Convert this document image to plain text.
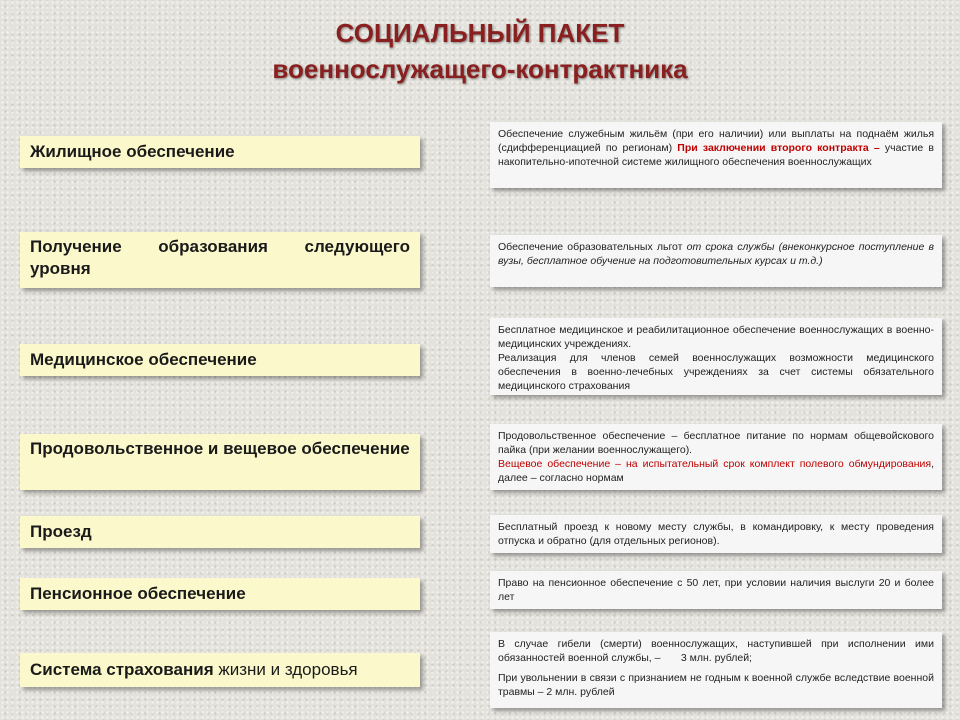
СОЦИАЛЬНЫЙ ПАКЕТ
военнослужащего-контрактника
Жилищное обеспечение
Получение образования следующего уровня
Медицинское обеспечение
Продовольственное и вещевое обеспечение
Проезд
Пенсионное обеспечение
Система страхования жизни и здоровья
Обеспечение служебным жильём (при его наличии) или выплаты на поднаём жилья (сдифференциацией по регионам) При заключении второго контракта – участие в накопительно-ипотечной системе жилищного обеспечения военнослужащих
Обеспечение образовательных льгот от срока службы (внеконкурсное поступление в вузы, бесплатное обучение на подготовительных курсах и т.д.)

Бесплатное медицинское и реабилитационное обеспечение военнослужащих в военно-медицинских учреждениях.

Реализация для членов семей военнослужащих возможности медицинского обеспечения в военно-лечебных учреждениях за счет системы обязательного медицинского страхования

Продовольственное обеспечение – бесплатное питание по нормам общевойскового пайка (при желании военнослужащего).

Вещевое обеспечение – на испытательный срок комплект полевого обмундирования, далее – согласно нормам

Бесплатный проезд к новому месту службы, в командировку, к месту проведения отпуска и обратно (для отдельных регионов).
Право на пенсионное обеспечение с 50 лет, при условии наличия выслуги 20 и более лет

В случае гибели (смерти) военнослужащих, наступившей при исполнении ими обязанностей военной службы, –       3 млн. рублей;

При увольнении в связи с признанием не годным к военной службе вследствие военной травмы – 2 млн. рублей
